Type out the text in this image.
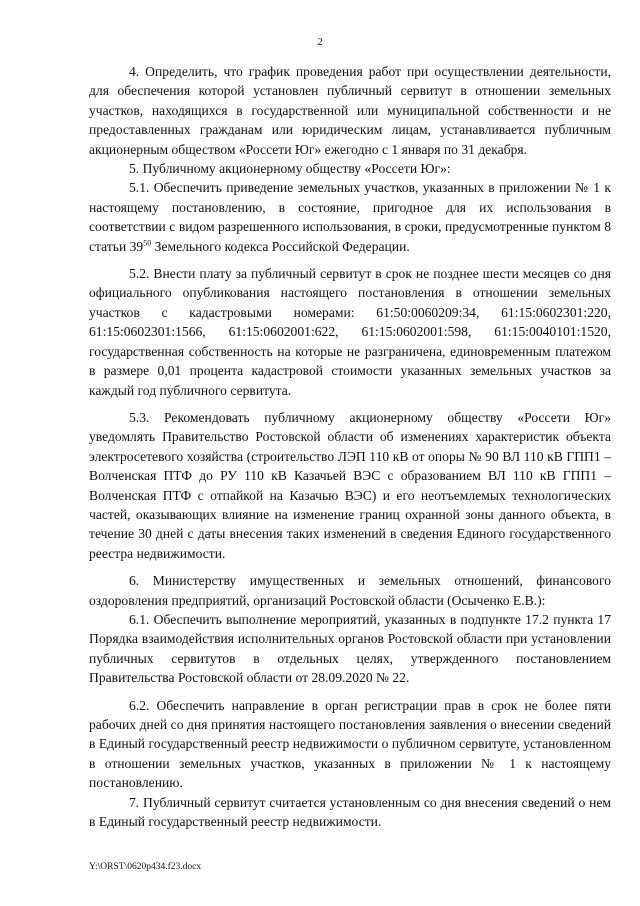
2

4. Определить, что график проведения работ при осуществлении деятельности, для обеспечения которой установлен публичный сервитут в отношении земельных участков, находящихся в государственной или муниципальной собственности и не предоставленных гражданам или юридическим лицам, устанавливается публичным акционерным обществом «Россети Юг» ежегодно с 1 января по 31 декабря.

5. Публичному акционерному обществу «Россети Юг»:

5.1. Обеспечить приведение земельных участков, указанных в приложении № 1 к настоящему постановлению, в состояние, пригодное для их использования в соответствии с видом разрешенного использования, в сроки, предусмотренные пунктом 8 статьи $39^{50}$ Земельного кодекса Российской Федерации.

5.2. Внести плату за публичный сервитут в срок не позднее шести месяцев со дня официального опубликования настоящего постановления в отношении земельных участков с кадастровыми номерами: 61:50:0060209:34, 61:15:0602301:220, 61:15:0602301:1566, 61:15:0602001:622, 61:15:0602001:598, 61:15:0040101:1520, государственная собственность на которые не разграничена, единовременным платежом в размере 0,01 процента кадастровой стоимости указанных земельных участков за каждый год публичного сервитута.

5.3. Рекомендовать публичному акционерному обществу «Россети Юг» уведомлять Правительство Ростовской области об изменениях характеристик объекта электросетевого хозяйства (строительство ЛЭП 110 кВ от опоры № 90 ВЛ 110 кВ ГПП1 – Волченская ПТФ до РУ 110 кВ Казачьей ВЭС с образованием ВЛ 110 кВ ГПП1 – Волченская ПТФ с отпайкой на Казачью ВЭС) и его неотъемлемых технологических частей, оказывающих влияние на изменение границ охранной зоны данного объекта, в течение 30 дней с даты внесения таких изменений в сведения Единого государственного реестра недвижимости.

6. Министерству имущественных и земельных отношений, финансового оздоровления предприятий, организаций Ростовской области (Осыченко Е.В.):

6.1. Обеспечить выполнение мероприятий, указанных в подпункте 17.2 пункта 17 Порядка взаимодействия исполнительных органов Ростовской области при установлении публичных сервитутов в отдельных целях, утвержденного постановлением Правительства Ростовской области от 28.09.2020 № 22.

6.2. Обеспечить направление в орган регистрации прав в срок не более пяти рабочих дней со дня принятия настоящего постановления заявления о внесении сведений в Единый государственный реестр недвижимости о публичном сервитуте, установленном в отношении земельных участков, указанных в приложении № 1 к настоящему постановлению.

7. Публичный сервитут считается установленным со дня внесения сведений о нем в Единый государственный реестр недвижимости.

Y:\ORST\0620p434.f23.docx
